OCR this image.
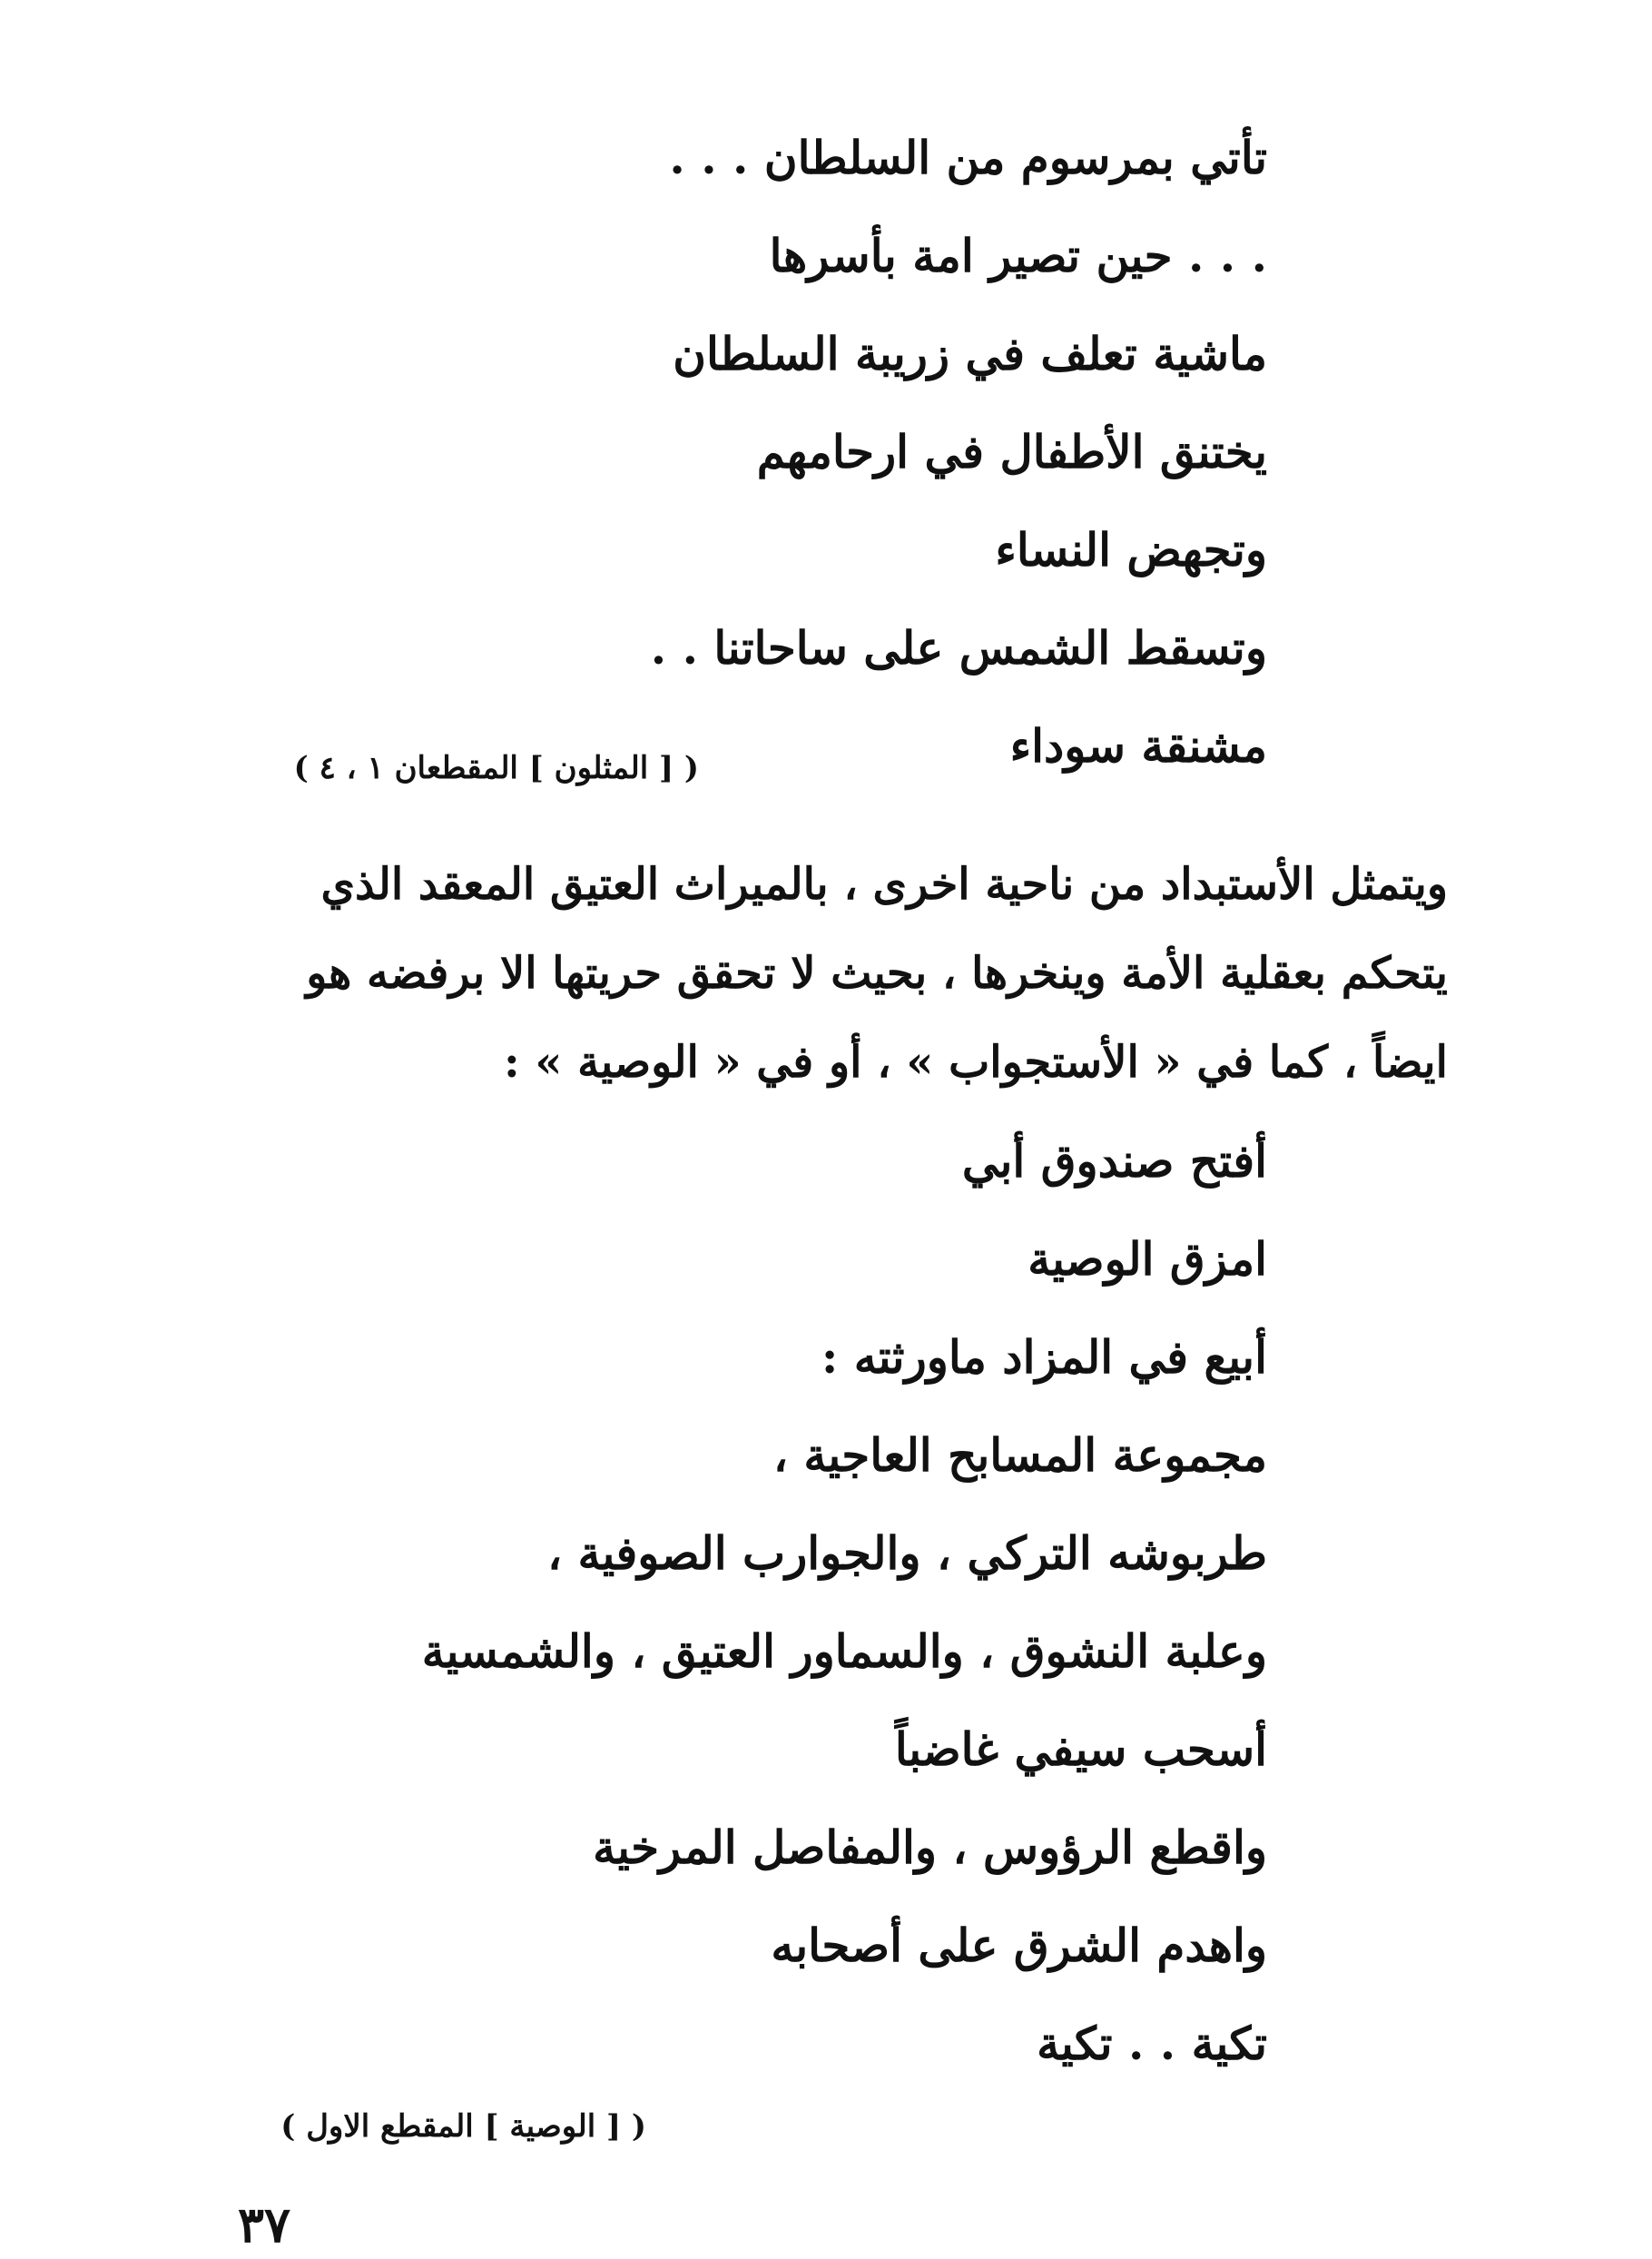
تأتي بمرسوم من السلطان . . .
. . . حين تصير امة بأسرها
ماشية تعلف في زريبة السلطان
يختنق الأطفال في ارحامهم
وتجهض النساء
وتسقط الشمس على ساحاتنا . .
مشنقة سوداء
( [ المثلون ] المقطعان ١ ، ٤ )

ويتمثل الأستبداد من ناحية اخرى ، بالميراث العتيق المعقد الذي
يتحكم بعقلية الأمة وينخرها ، بحيث لا تحقق حريتها الا برفضه هو
ايضاً ، كما في « الأستجواب » ، أو في « الوصية » :

أفتح صندوق أبي
امزق الوصية
أبيع في المزاد ماورثته :
مجموعة المسابح العاجية ،
طربوشه التركي ، والجوارب الصوفية ،
وعلبة النشوق ، والسماور العتيق ، والشمسية
أسحب سيفي غاضباً
واقطع الرؤوس ، والمفاصل المرخية
واهدم الشرق على أصحابه
تكية . . تكية
( [ الوصية ] المقطع الاول )
٣٧
